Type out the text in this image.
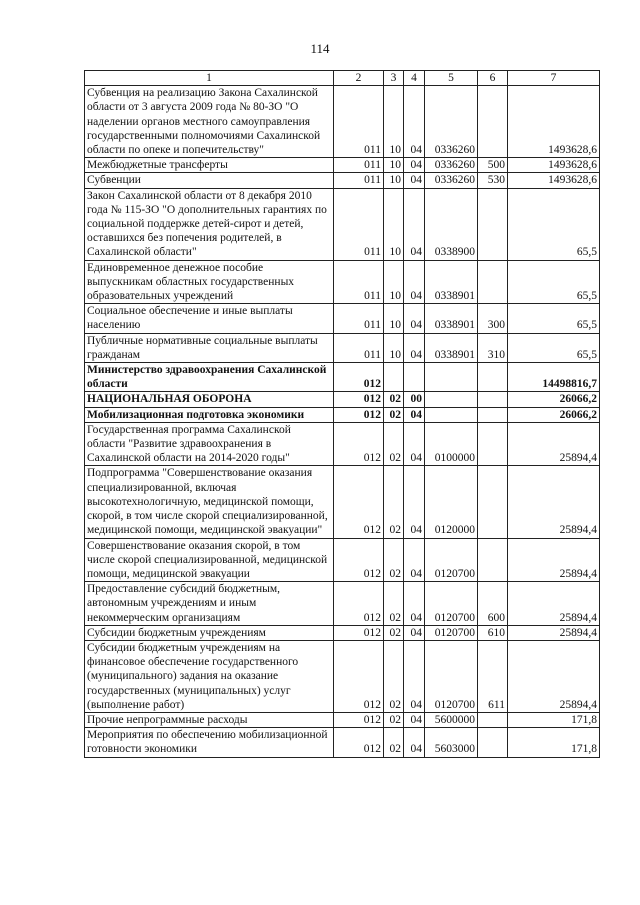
114
1	2	3	4	5	6	7
Субвенция на реализацию Закона Сахалинской области от 3 августа 2009 года № 80-ЗО "О наделении органов местного самоуправления государственными полномочиями Сахалинской области по опеке и попечительству"	011	10	04	0336260		1493628,6
Межбюджетные трансферты	011	10	04	0336260	500	1493628,6
Субвенции	011	10	04	0336260	530	1493628,6
Закон Сахалинской области от 8 декабря 2010 года № 115-ЗО "О дополнительных гарантиях по социальной поддержке детей-сирот и детей, оставшихся без попечения родителей, в Сахалинской области"	011	10	04	0338900		65,5
Единовременное денежное пособие выпускникам областных государственных образовательных учреждений	011	10	04	0338901		65,5
Социальное обеспечение и иные выплаты населению	011	10	04	0338901	300	65,5
Публичные нормативные социальные выплаты гражданам	011	10	04	0338901	310	65,5
Министерство здравоохранения Сахалинской области	012					14498816,7
НАЦИОНАЛЬНАЯ ОБОРОНА	012	02	00			26066,2
Мобилизационная подготовка экономики	012	02	04			26066,2
Государственная программа Сахалинской области "Развитие здравоохранения в Сахалинской области на 2014-2020 годы"	012	02	04	0100000		25894,4
Подпрограмма "Совершенствование оказания специализированной, включая высокотехнологичную, медицинской помощи, скорой, в том числе скорой специализированной, медицинской помощи, медицинской эвакуации"	012	02	04	0120000		25894,4
Совершенствование оказания скорой, в том числе скорой специализированной, медицинской помощи, медицинской эвакуации	012	02	04	0120700		25894,4
Предоставление субсидий бюджетным, автономным учреждениям и иным некоммерческим организациям	012	02	04	0120700	600	25894,4
Субсидии бюджетным учреждениям	012	02	04	0120700	610	25894,4
Субсидии бюджетным учреждениям на финансовое обеспечение государственного (муниципального) задания на оказание государственных (муниципальных) услуг (выполнение работ)	012	02	04	0120700	611	25894,4
Прочие непрограммные расходы	012	02	04	5600000		171,8
Мероприятия по обеспечению мобилизационной готовности экономики	012	02	04	5603000		171,8
